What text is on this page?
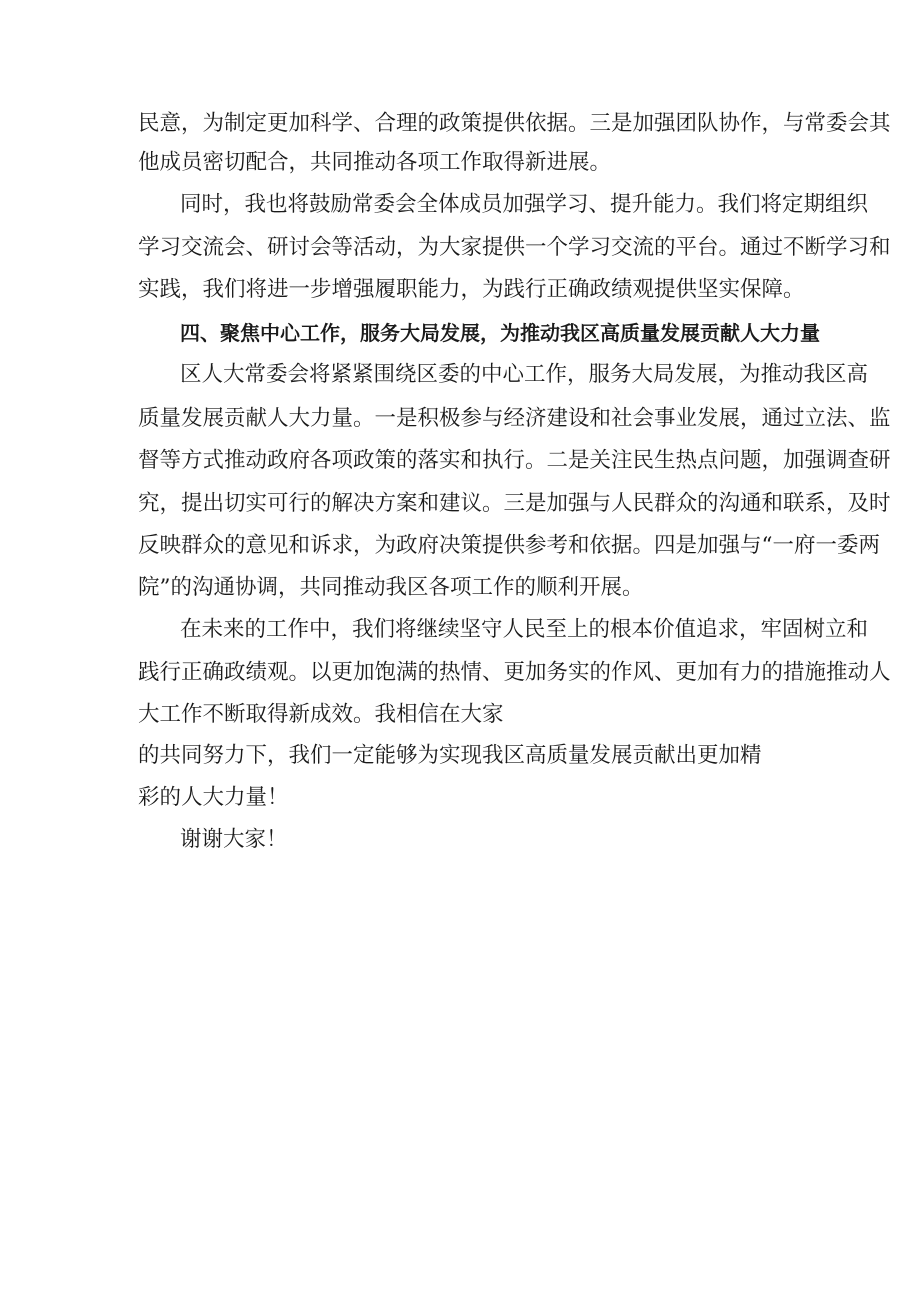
民意，为制定更加科学、合理的政策提供依据。三是加强团队协作，与常委会其

他成员密切配合，共同推动各项工作取得新进展。

同时，我也将鼓励常委会全体成员加强学习、提升能力。我们将定期组织

学习交流会、研讨会等活动，为大家提供一个学习交流的平台。通过不断学习和

实践，我们将进一步增强履职能力，为践行正确政绩观提供坚实保障。

四、聚焦中心工作，服务大局发展，为推动我区高质量发展贡献人大力量

区人大常委会将紧紧围绕区委的中心工作，服务大局发展，为推动我区高

质量发展贡献人大力量。一是积极参与经济建设和社会事业发展，通过立法、监

督等方式推动政府各项政策的落实和执行。二是关注民生热点问题，加强调查研

究，提出切实可行的解决方案和建议。三是加强与人民群众的沟通和联系，及时

反映群众的意见和诉求，为政府决策提供参考和依据。四是加强与“一府一委两

院”的沟通协调，共同推动我区各项工作的顺利开展。

在未来的工作中，我们将继续坚守人民至上的根本价值追求，牢固树立和

践行正确政绩观。以更加饱满的热情、更加务实的作风、更加有力的措施推动人

大工作不断取得新成效。我相信在大家

的共同努力下，我们一定能够为实现我区高质量发展贡献出更加精

彩的人大力量！

谢谢大家！
